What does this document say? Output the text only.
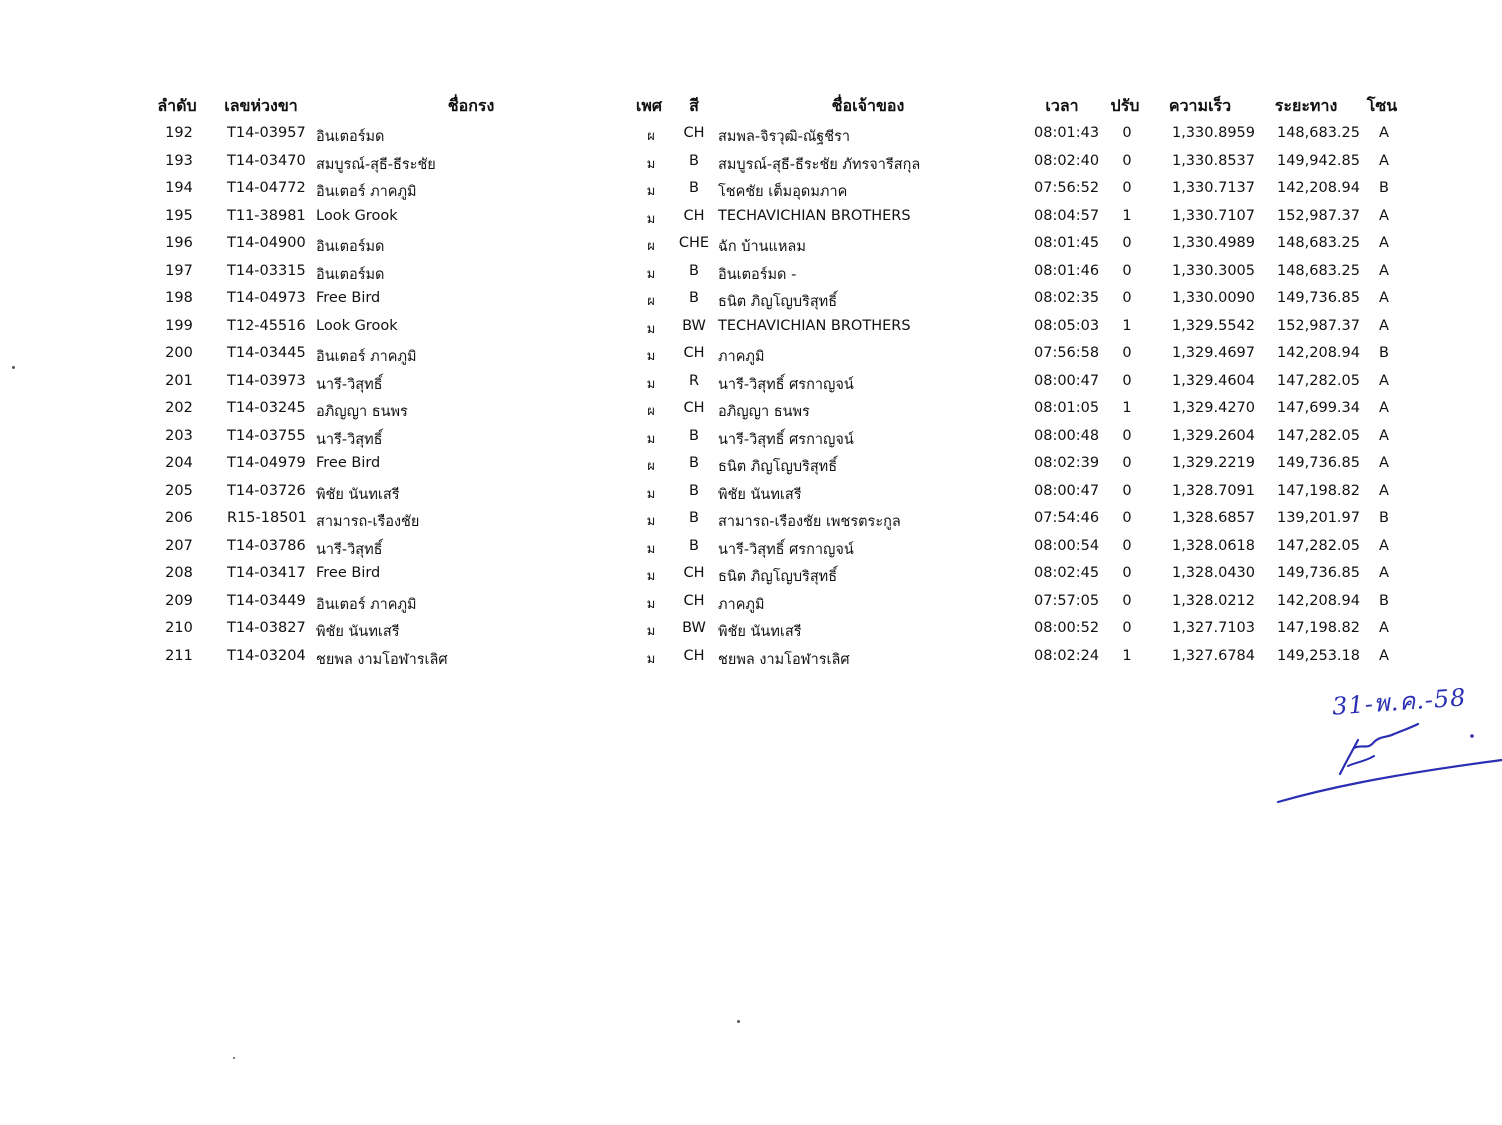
ลำดับ เลขห่วงขา	ชื่อกรง	เพศ สี	ชื่อเจ้าของ	เวลา ปรับ ความเร็ว	ระยะทาง โซน
192 T14-03957 อินเตอร์มด	ผ CH สมพล-จิรวุฒิ-ณัฐชีรา	08:01:43 0	1,330.8959 148,683.25 A
193 T14-03470 สมบูรณ์-สุธี-ธีระชัย	ม B สมบูรณ์-สุธี-ธีระชัย ภัทรจารีสกุล	08:02:40 0	1,330.8537 149,942.85 A
194 T14-04772 อินเตอร์ ภาคภูมิ	ม B โชคชัย เต็มอุดมภาค	07:56:52 0	1,330.7137 142,208.94 B
195 T11-38981 Look Grook	ม CH TECHAVICHIAN BROTHERS	08:04:57 1	1,330.7107 152,987.37 A
196 T14-04900 อินเตอร์มด	ผ CHE ฉัก บ้านแหลม	08:01:45 0	1,330.4989 148,683.25 A
197 T14-03315 อินเตอร์มด	ม B อินเตอร์มด -	08:01:46 0	1,330.3005 148,683.25 A
198 T14-04973 Free Bird	ผ B ธนิต ภิญโญบริสุทธิ์	08:02:35 0	1,330.0090 149,736.85 A
199 T12-45516 Look Grook	ม BW TECHAVICHIAN BROTHERS	08:05:03 1	1,329.5542 152,987.37 A
200 T14-03445 อินเตอร์ ภาคภูมิ	ม CH ภาคภูมิ	07:56:58 0	1,329.4697 142,208.94 B
201 T14-03973 นารี-วิสุทธิ์	ม R นารี-วิสุทธิ์ ศรกาญจน์	08:00:47 0	1,329.4604 147,282.05 A
202 T14-03245 อภิญญา ธนพร	ผ CH อภิญญา ธนพร	08:01:05 1	1,329.4270 147,699.34 A
203 T14-03755 นารี-วิสุทธิ์	ม B นารี-วิสุทธิ์ ศรกาญจน์	08:00:48 0	1,329.2604 147,282.05 A
204 T14-04979 Free Bird	ผ B ธนิต ภิญโญบริสุทธิ์	08:02:39 0	1,329.2219 149,736.85 A
205 T14-03726 พิชัย นันทเสรี	ม B พิชัย นันทเสรี	08:00:47 0	1,328.7091 147,198.82 A
206 R15-18501 สามารถ-เรืองชัย	ม B สามารถ-เรืองชัย เพชรตระกูล	07:54:46 0	1,328.6857 139,201.97 B
207 T14-03786 นารี-วิสุทธิ์	ม B นารี-วิสุทธิ์ ศรกาญจน์	08:00:54 0	1,328.0618 147,282.05 A
208 T14-03417 Free Bird	ม CH ธนิต ภิญโญบริสุทธิ์	08:02:45 0	1,328.0430 149,736.85 A
209 T14-03449 อินเตอร์ ภาคภูมิ	ม CH ภาคภูมิ	07:57:05 0	1,328.0212 142,208.94 B
210 T14-03827 พิชัย นันทเสรี	ม BW พิชัย นันทเสรี	08:00:52 0	1,327.7103 147,198.82 A
211 T14-03204 ชยพล งามโอฬารเลิศ	ม CH ชยพล งามโอฬารเลิศ	08:02:24 1	1,327.6784 149,253.18 A
31-พ.ค.-58
